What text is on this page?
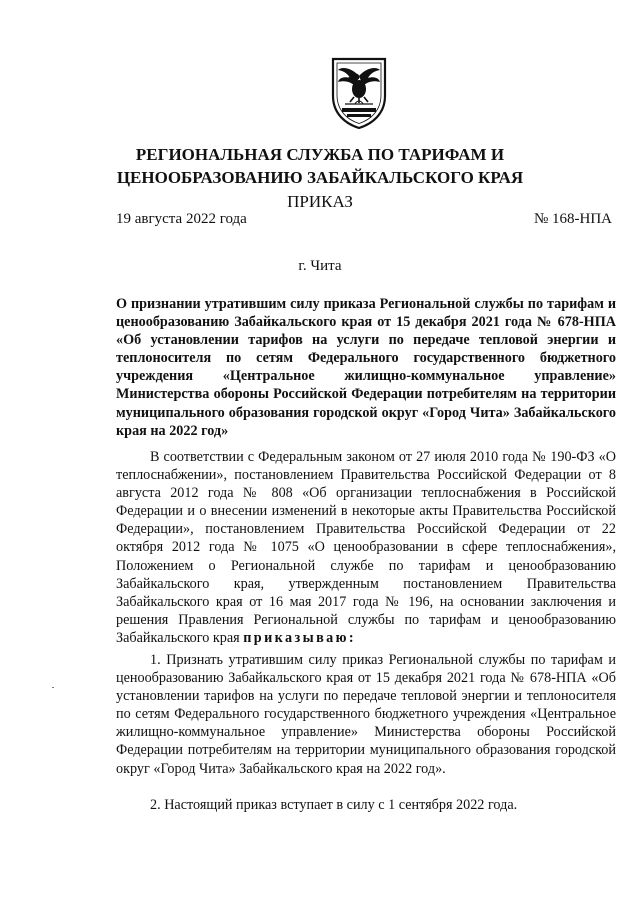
РЕГИОНАЛЬНАЯ СЛУЖБА ПО ТАРИФАМ И
ЦЕНООБРАЗОВАНИЮ ЗАБАЙКАЛЬСКОГО КРАЯ
ПРИКАЗ
19 августа 2022 года	№ 168-НПА
г. Чита

О признании утратившим силу приказа Региональной службы по тарифам и ценообразованию Забайкальского края от 15 декабря 2021 года № 678-НПА «Об установлении тарифов на услуги по передаче тепловой энергии и теплоносителя по сетям Федерального государственного бюджетного учреждения «Центральное жилищно-коммунальное управление» Министерства обороны Российской Федерации потребителям на территории муниципального образования городской округ «Город Чита» Забайкальского края на 2022 год»

В соответствии с Федеральным законом от 27 июля 2010 года № 190-ФЗ «О теплоснабжении», постановлением Правительства Российской Федерации от 8 августа 2012 года № 808 «Об организации теплоснабжения в Российской Федерации и о внесении изменений в некоторые акты Правительства Российской Федерации», постановлением Правительства Российской Федерации от 22 октября 2012 года № 1075 «О ценообразовании в сфере теплоснабжения», Положением о Региональной службе по тарифам и ценообразованию Забайкальского края, утвержденным постановлением Правительства Забайкальского края от 16 мая 2017 года № 196, на основании заключения и решения Правления Региональной службы по тарифам и ценообразованию Забайкальского края приказываю:

1. Признать утратившим силу приказ Региональной службы по тарифам и ценообразованию Забайкальского края от 15 декабря 2021 года № 678-НПА «Об установлении тарифов на услуги по передаче тепловой энергии и теплоносителя по сетям Федерального государственного бюджетного учреждения «Центральное жилищно-коммунальное управление» Министерства обороны Российской Федерации потребителям на территории муниципального образования городской округ «Город Чита» Забайкальского края на 2022 год».

2. Настоящий приказ вступает в силу с 1 сентября 2022 года.
